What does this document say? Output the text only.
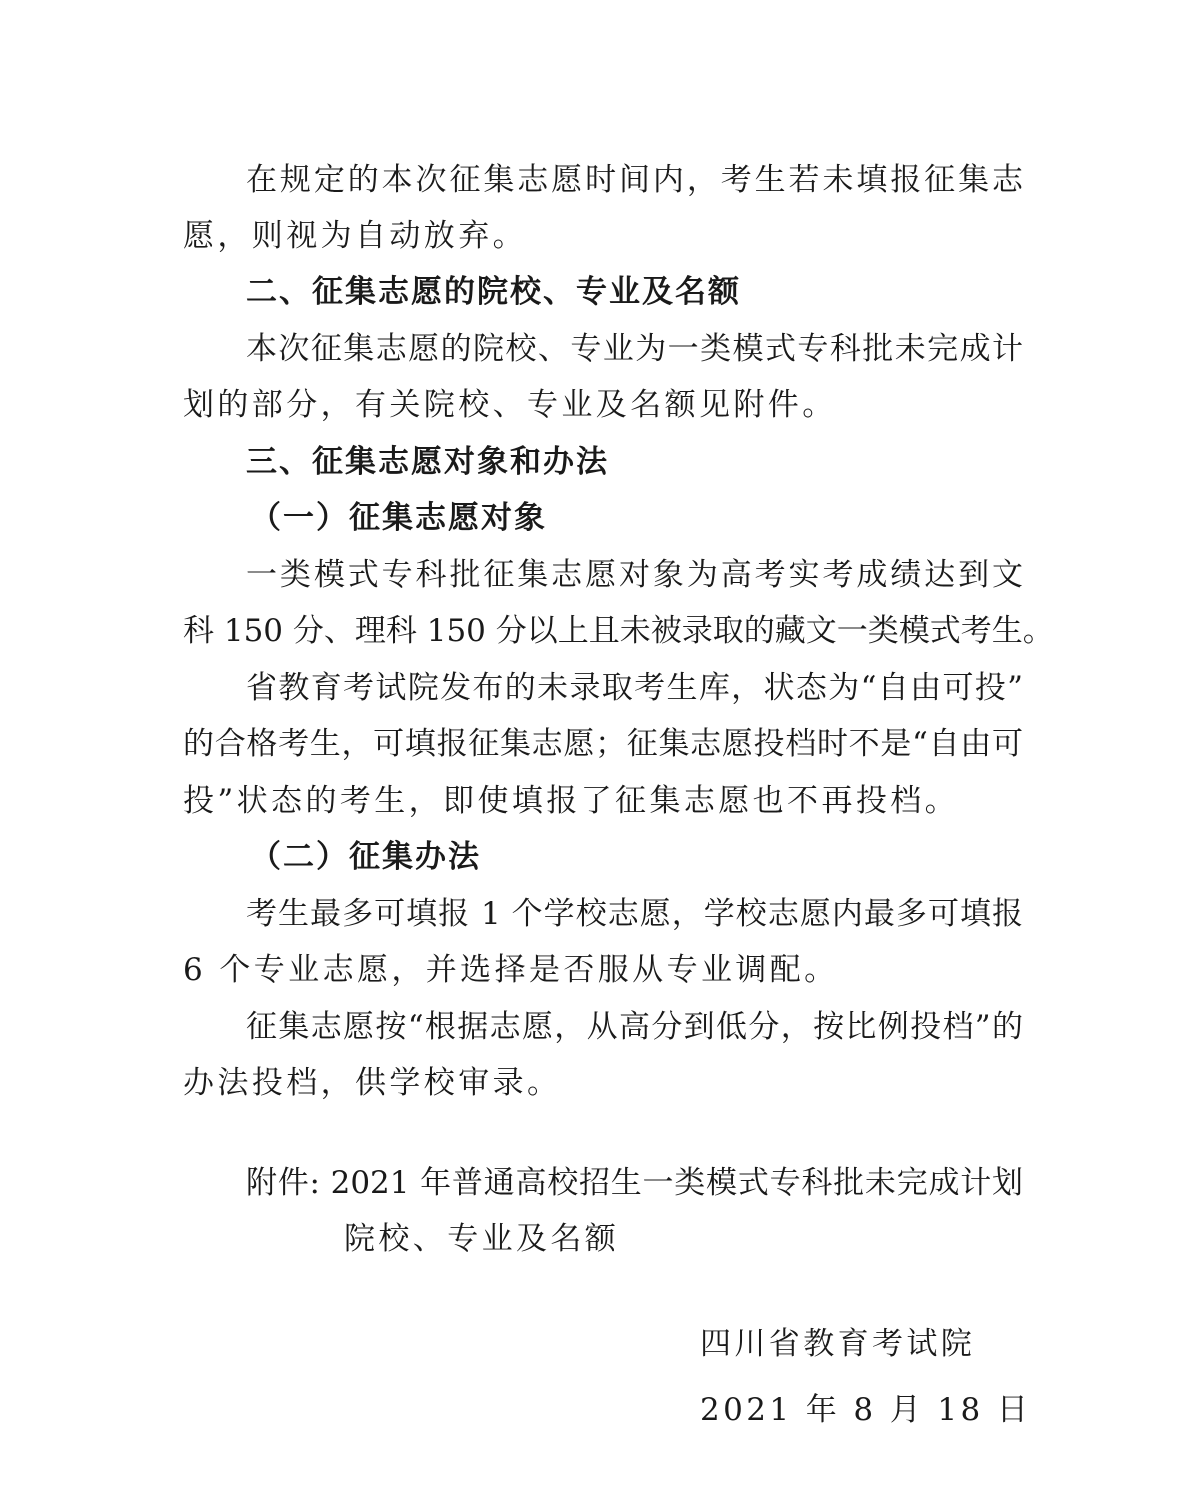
在规定的本次征集志愿时间内，考生若未填报征集志
愿，则视为自动放弃。
二、征集志愿的院校、专业及名额
本次征集志愿的院校、专业为一类模式专科批未完成计
划的部分，有关院校、专业及名额见附件。
三、征集志愿对象和办法
（一）征集志愿对象
一类模式专科批征集志愿对象为高考实考成绩达到文
科 150 分、理科 150 分以上且未被录取的藏文一类模式考生。
省教育考试院发布的未录取考生库，状态为“自由可投”
的合格考生，可填报征集志愿；征集志愿投档时不是“自由可
投”状态的考生，即使填报了征集志愿也不再投档。
（二）征集办法
考生最多可填报 1 个学校志愿，学校志愿内最多可填报
6 个专业志愿，并选择是否服从专业调配。
征集志愿按“根据志愿，从高分到低分，按比例投档”的
办法投档，供学校审录。
附件: 2021 年普通高校招生一类模式专科批未完成计划
院校、专业及名额
四川省教育考试院
2021 年 8 月 18 日
